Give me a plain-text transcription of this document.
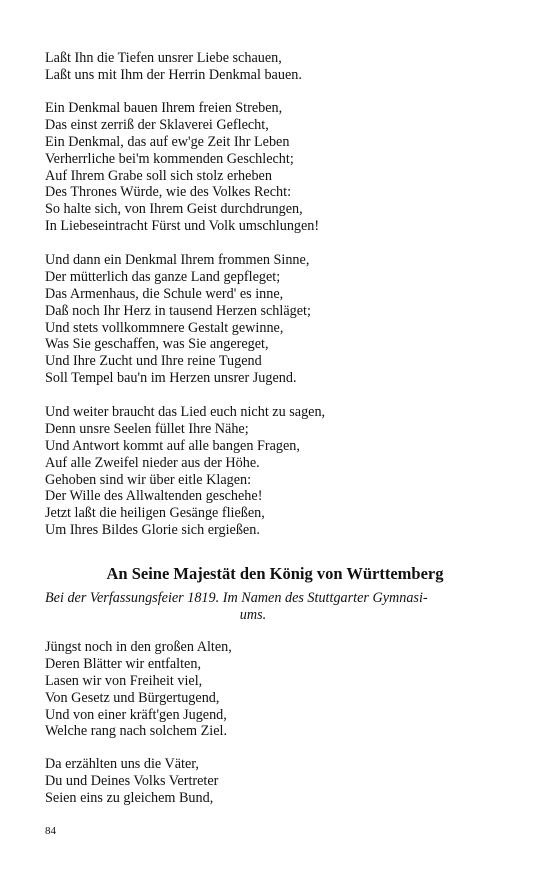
Laßt Ihn die Tiefen unsrer Liebe schauen,
Laßt uns mit Ihm der Herrin Denkmal bauen.
Ein Denkmal bauen Ihrem freien Streben,
Das einst zerriß der Sklaverei Geflecht,
Ein Denkmal, das auf ew'ge Zeit Ihr Leben
Verherrliche bei'm kommenden Geschlecht;
Auf Ihrem Grabe soll sich stolz erheben
Des Thrones Würde, wie des Volkes Recht:
So halte sich, von Ihrem Geist durchdrungen,
In Liebeseintracht Fürst und Volk umschlungen!
Und dann ein Denkmal Ihrem frommen Sinne,
Der mütterlich das ganze Land gepfleget;
Das Armenhaus, die Schule werd' es inne,
Daß noch Ihr Herz in tausend Herzen schläget;
Und stets vollkommnere Gestalt gewinne,
Was Sie geschaffen, was Sie angereget,
Und Ihre Zucht und Ihre reine Tugend
Soll Tempel bau'n im Herzen unsrer Jugend.
Und weiter braucht das Lied euch nicht zu sagen,
Denn unsre Seelen füllet Ihre Nähe;
Und Antwort kommt auf alle bangen Fragen,
Auf alle Zweifel nieder aus der Höhe.
Gehoben sind wir über eitle Klagen:
Der Wille des Allwaltenden geschehe!
Jetzt laßt die heiligen Gesänge fließen,
Um Ihres Bildes Glorie sich ergießen.
An Seine Majestät den König von Württemberg

Bei der Verfassungsfeier 1819. Im Namen des Stuttgarter Gymnasi-
ums.

Jüngst noch in den großen Alten,
Deren Blätter wir entfalten,
Lasen wir von Freiheit viel,
Von Gesetz und Bürgertugend,
Und von einer kräft'gen Jugend,
Welche rang nach solchem Ziel.
Da erzählten uns die Väter,
Du und Deines Volks Vertreter
Seien eins zu gleichem Bund,
84
